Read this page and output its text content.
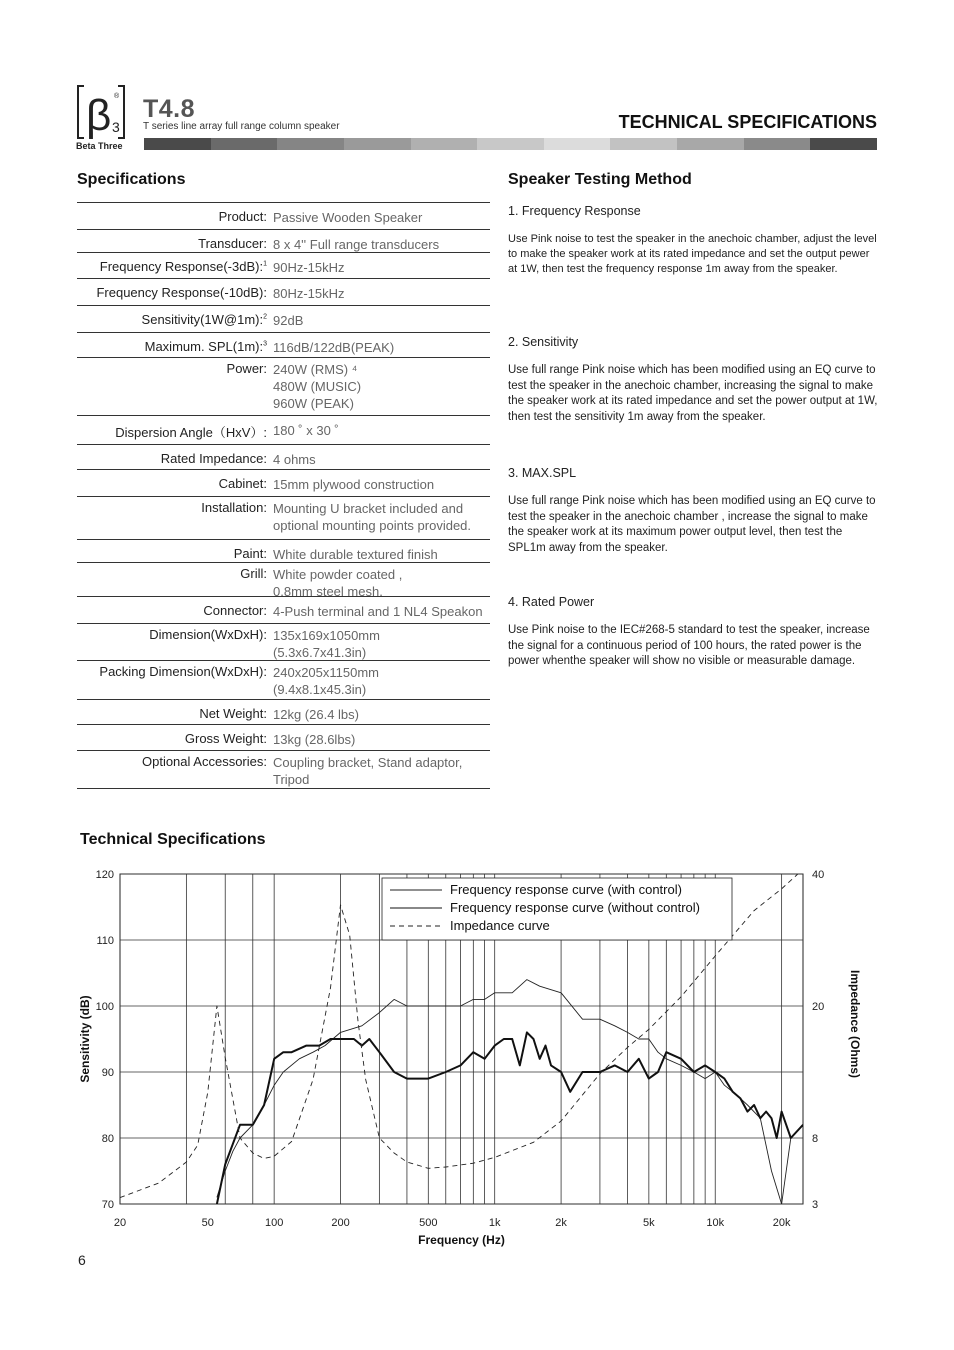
β 3
®
Beta Three
T4.8
T series line array full range column speaker	TECHNICAL SPECIFICATIONS
Specifications
Product: Passive Wooden Speaker
Transducer: 8 x 4'' Full range transducers
Frequency Response(-3dB):$^1$ 90Hz-15kHz
Frequency Response(-10dB): 80Hz-15kHz
Sensitivity(1W@1m):$^2$ 92dB
Maximum. SPL(1m):$^3$ 116dB/122dB(PEAK)
Power: 240W (RMS) ⁴
480W (MUSIC)
960W (PEAK)
Dispersion Angle（HxV）: 180 ˚ x 30 ˚
Rated Impedance: 4 ohms
Cabinet: 15mm plywood construction
Installation: Mounting U bracket included and
optional mounting points provided.
Paint: White durable textured finish
Grill: White powder coated ,
0.8mm steel mesh.
Connector: 4-Push terminal and 1 NL4 Speakon
Dimension(WxDxH): 135x169x1050mm
(5.3x6.7x41.3in)
Packing Dimension(WxDxH): 240x205x1150mm
(9.4x8.1x45.3in)
Net Weight: 12kg (26.4 lbs)
Gross Weight: 13kg (28.6lbs)
Optional Accessories: Coupling bracket, Stand adaptor,
Tripod
Speaker Testing Method
1. Frequency Response

Use Pink noise to test the speaker in the anechoic chamber, adjust the level to make the speaker work at its rated impedance and set the output pewer at 1W, then test the frequency response 1m away from the speaker.

2. Sensitivity

Use full range Pink noise which has been modified using an EQ curve to test the speaker in the anechoic chamber, increasing the signal to make the speaker work at its rated impedance and set the power output at 1W, then test the sensitivity 1m away from the speaker.

3. MAX.SPL

Use full range Pink noise which has been modified using an EQ curve to test the speaker in the anechoic chamber , increase the signal to make the speaker work at its maximum power output level, then test the SPL1m away from the speaker.

4. Rated Power

Use Pink noise to the IEC#268-5 standard to test the speaker, increase the signal for a continuous period of 100 hours, the rated power is the power whenthe speaker will show no visible or measurable damage.

Technical Specifications
70
80
90
100
110
120
3
8
20
40
20	50	100	200	500	1k	2k	5k	10k	20k
Frequency (Hz)
Sensitivity (dB)	Impedance (Ohms)
Frequency response curve (with control)
Frequency response curve (without control)
Impedance curve
6
